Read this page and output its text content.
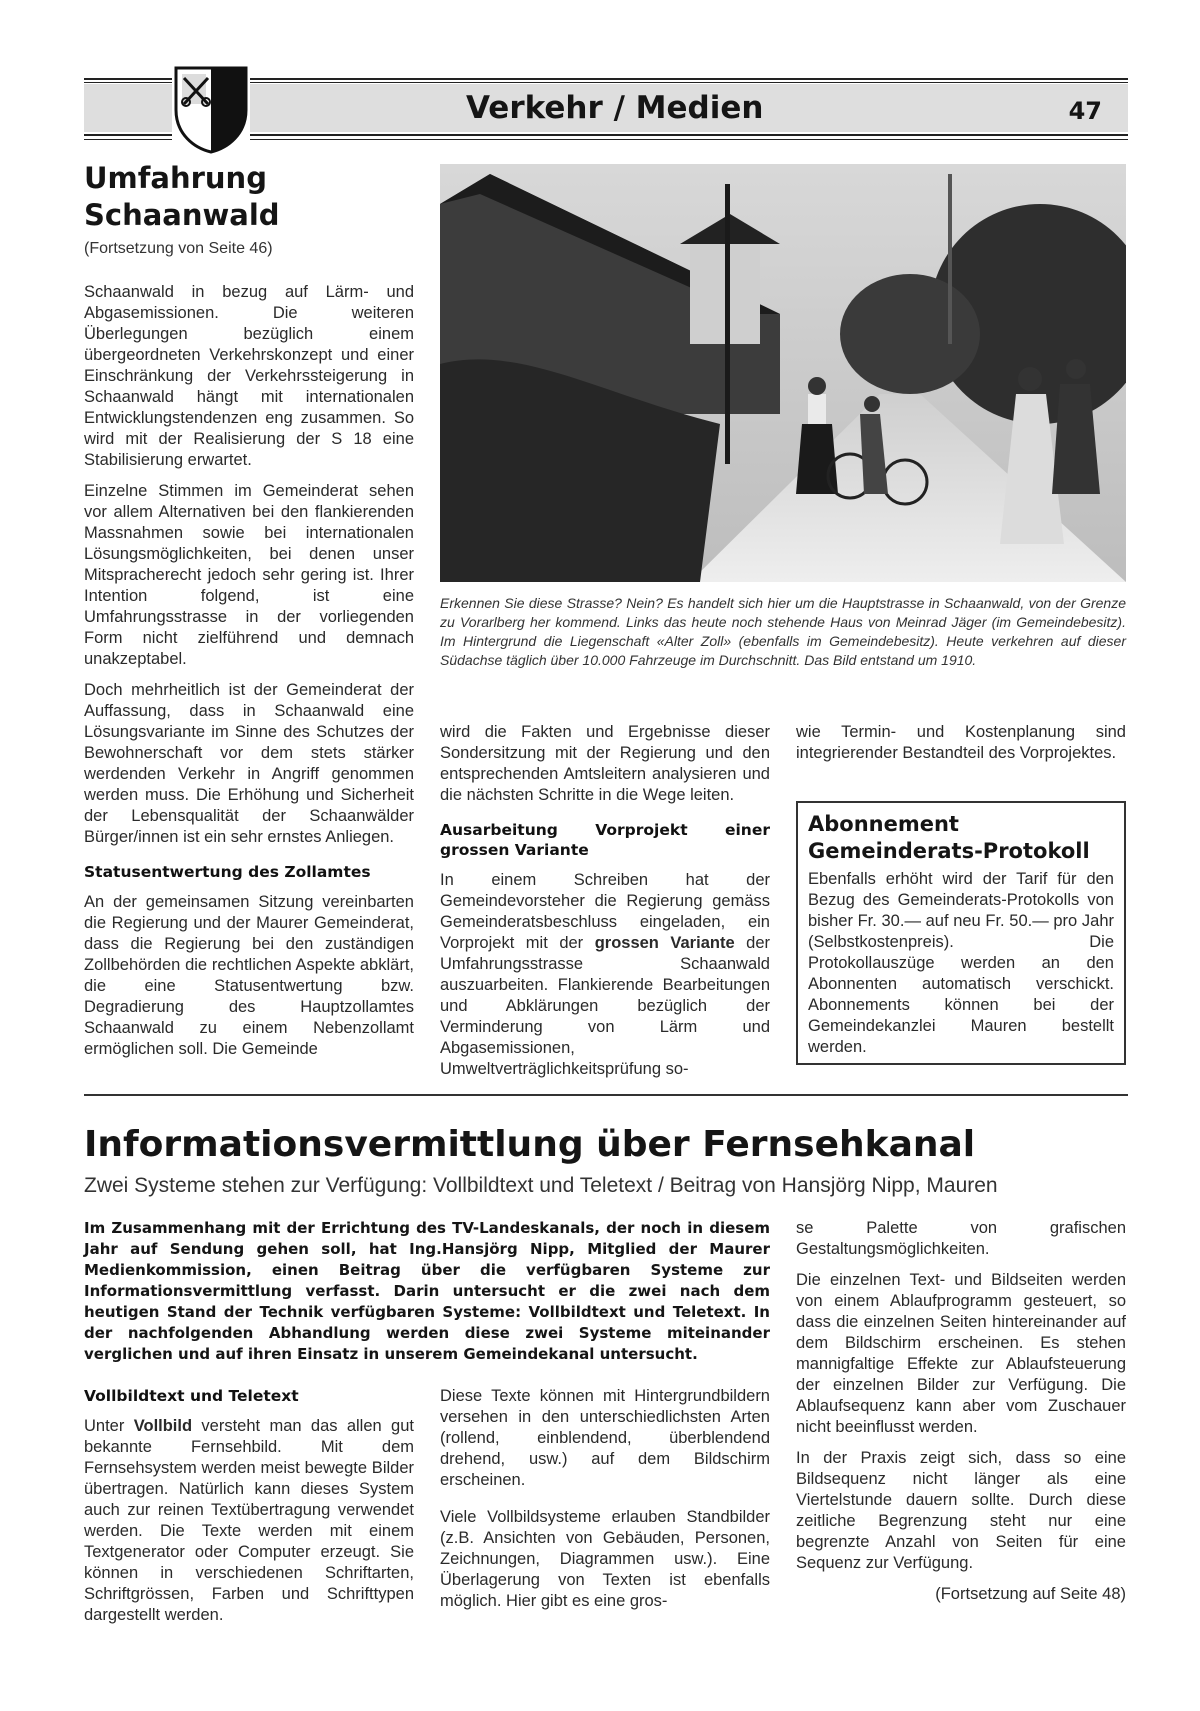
Verkehr / Medien	47
Umfahrung
Schaanwald
(Fortsetzung von Seite 46)

Schaanwald in bezug auf Lärm- und Abgasemissionen. Die weiteren Überlegungen bezüglich einem übergeordneten Verkehrskonzept und einer Einschränkung der Verkehrssteigerung in Schaanwald hängt mit internationalen Entwicklungstendenzen eng zusammen. So wird mit der Realisierung der S 18 eine Stabilisierung erwartet.

Einzelne Stimmen im Gemeinderat sehen vor allem Alternativen bei den flankierenden Massnahmen sowie bei internationalen Lösungsmöglichkeiten, bei denen unser Mitspracherecht jedoch sehr gering ist. Ihrer Intention folgend, ist eine Umfahrungsstrasse in der vorliegenden Form nicht zielführend und demnach unakzeptabel.

Doch mehrheitlich ist der Gemeinderat der Auffassung, dass in Schaanwald eine Lösungsvariante im Sinne des Schutzes der Bewohnerschaft vor dem stets stärker werdenden Verkehr in Angriff genommen werden muss. Die Erhöhung und Sicherheit der Lebensqualität der Schaanwälder Bürger/innen ist ein sehr ernstes Anliegen.

Statusentwertung des Zollamtes

An der gemeinsamen Sitzung vereinbarten die Regierung und der Maurer Gemeinderat, dass die Regierung bei den zuständigen Zollbehörden die rechtlichen Aspekte abklärt, die eine Statusentwertung bzw. Degradierung des Hauptzollamtes Schaanwald zu einem Nebenzollamt ermöglichen soll. Die Gemeinde

Erkennen Sie diese Strasse? Nein? Es handelt sich hier um die Hauptstrasse in Schaanwald, von der Grenze zu Vorarlberg her kommend. Links das heute noch stehende Haus von Meinrad Jäger (im Gemeindebesitz). Im Hintergrund die Liegenschaft «Alter Zoll» (ebenfalls im Gemeindebesitz). Heute verkehren auf dieser Südachse täglich über 10.000 Fahrzeuge im Durchschnitt. Das Bild entstand um 1910.

wird die Fakten und Ergebnisse dieser Sondersitzung mit der Regierung und den entsprechenden Amtsleitern analysieren und die nächsten Schritte in die Wege leiten.

Ausarbeitung Vorprojekt einer grossen Variante

In einem Schreiben hat der Gemeindevorsteher die Regierung gemäss Gemeinderatsbeschluss eingeladen, ein Vorprojekt mit der grossen Variante der Umfahrungsstrasse Schaanwald auszuarbeiten. Flankierende Bearbeitungen und Abklärungen bezüglich der Verminderung von Lärm und Abgasemissionen, Umweltverträglichkeitsprüfung so-

wie Termin- und Kostenplanung sind integrierender Bestandteil des Vorprojektes.

Abonnement
Gemeinderats-Protokoll
Ebenfalls erhöht wird der Tarif für den Bezug des Gemeinderats-Protokolls von bisher Fr. 30.— auf neu Fr. 50.— pro Jahr (Selbstkostenpreis). Die Protokollauszüge werden an den Abonnenten automatisch verschickt. Abonnements können bei der Gemeindekanzlei Mauren bestellt werden.
Informationsvermittlung über Fernsehkanal
Zwei Systeme stehen zur Verfügung: Vollbildtext und Teletext / Beitrag von Hansjörg Nipp, Mauren

Im Zusammenhang mit der Errichtung des TV-Landeskanals, der noch in diesem Jahr auf Sendung gehen soll, hat Ing.Hansjörg Nipp, Mitglied der Maurer Medienkommission, einen Beitrag über die verfügbaren Systeme zur Informationsvermittlung verfasst. Darin untersucht er die zwei nach dem heutigen Stand der Technik verfügbaren Systeme: Vollbildtext und Teletext. In der nachfolgenden Abhandlung werden diese zwei Systeme miteinander verglichen und auf ihren Einsatz in unserem Gemeindekanal untersucht.

Vollbildtext und Teletext

Unter Vollbild versteht man das allen gut bekannte Fernsehbild. Mit dem Fernsehsystem werden meist bewegte Bilder übertragen. Natürlich kann dieses System auch zur reinen Textübertragung verwendet werden. Die Texte werden mit einem Textgenerator oder Computer erzeugt. Sie können in verschiedenen Schriftarten, Schriftgrössen, Farben und Schrifttypen dargestellt werden.

Diese Texte können mit Hintergrundbildern versehen in den unterschiedlichsten Arten (rollend, einblendend, überblendend drehend, usw.) auf dem Bildschirm erscheinen.

Viele Vollbildsysteme erlauben Standbilder (z.B. Ansichten von Gebäuden, Personen, Zeichnungen, Diagrammen usw.). Eine Überlagerung von Texten ist ebenfalls möglich. Hier gibt es eine gros-

se Palette von grafischen Gestaltungsmöglichkeiten.

Die einzelnen Text- und Bildseiten werden von einem Ablaufprogramm gesteuert, so dass die einzelnen Seiten hintereinander auf dem Bildschirm erscheinen. Es stehen mannigfaltige Effekte zur Ablaufsteuerung der einzelnen Bilder zur Verfügung. Die Ablaufsequenz kann aber vom Zuschauer nicht beeinflusst werden.

In der Praxis zeigt sich, dass so eine Bildsequenz nicht länger als eine Viertelstunde dauern sollte. Durch diese zeitliche Begrenzung steht nur eine begrenzte Anzahl von Seiten für eine Sequenz zur Verfügung.

(Fortsetzung auf Seite 48)
